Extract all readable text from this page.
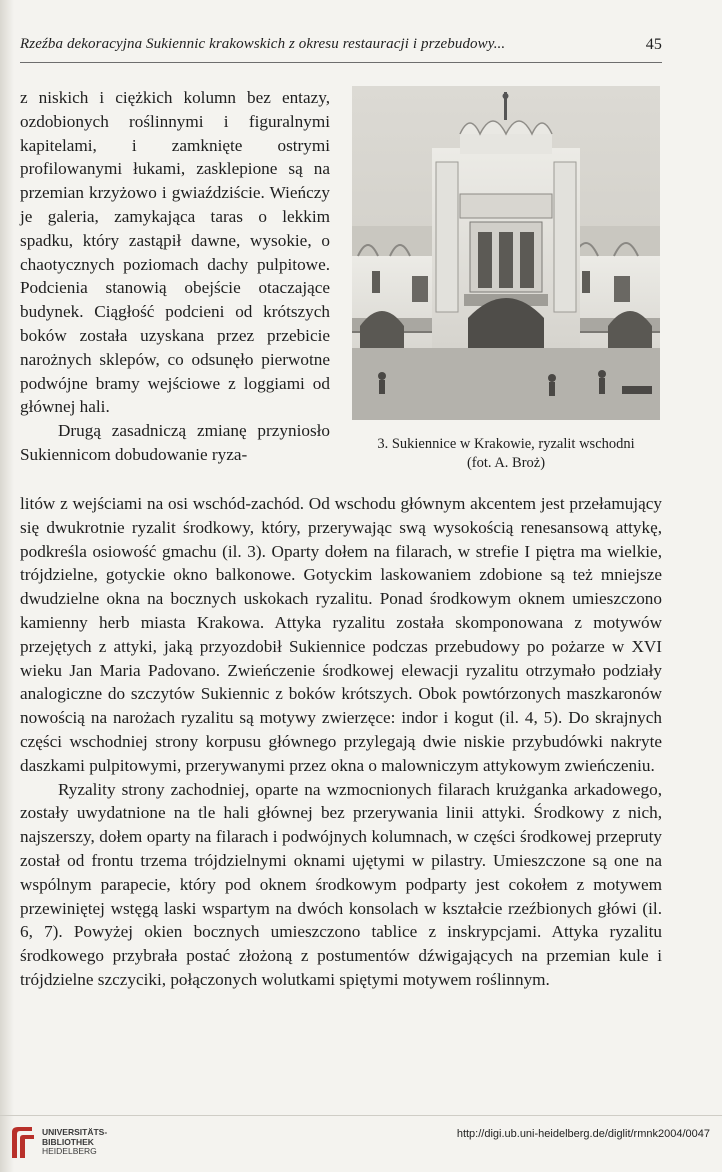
Rzeźba dekoracyjna Sukiennic krakowskich z okresu restauracji i przebudowy...	45

z niskich i ciężkich kolumn bez entazy, ozdobionych roślinnymi i figuralnymi kapitelami, i zamknięte ostrymi profilowanymi łukami, zasklepione są na przemian krzyżowo i gwiaździście. Wieńczy je galeria, zamykająca taras o lekkim spadku, który zastąpił dawne, wysokie, o chaotycznych poziomach dachy pulpitowe. Podcienia stanowią obejście otaczające budynek. Ciągłość podcieni od krótszych boków została uzyskana przez przebicie narożnych sklepów, co odsunęło pierwotne podwójne bramy wejściowe z loggiami od głównej hali.

Drugą zasadniczą zmianę przyniosło Sukiennicom dobudowanie ryza-

3. Sukiennice w Krakowie, ryzalit wschodni
(fot. A. Broż)

litów z wejściami na osi wschód-zachód. Od wschodu głównym akcentem jest przełamujący się dwukrotnie ryzalit środkowy, który, przerywając swą wysokością renesansową attykę, podkreśla osiowość gmachu (il. 3). Oparty dołem na filarach, w strefie I piętra ma wielkie, trójdzielne, gotyckie okno balkonowe. Gotyckim laskowaniem zdobione są też mniejsze dwudzielne okna na bocznych uskokach ryzalitu. Ponad środkowym oknem umieszczono kamienny herb miasta Krakowa. Attyka ryzalitu została skomponowana z motywów przejętych z attyki, jaką przyozdobił Sukiennice podczas przebudowy po pożarze w XVI wieku Jan Maria Padovano. Zwieńczenie środkowej elewacji ryzalitu otrzymało podziały analogiczne do szczytów Sukiennic z boków krótszych. Obok powtórzonych maszkaronów nowością na narożach ryzalitu są motywy zwierzęce: indor i kogut (il. 4, 5). Do skrajnych części wschodniej strony korpusu głównego przylegają dwie niskie przybudówki nakryte daszkami pulpitowymi, przerywanymi przez okna o malowniczym attykowym zwieńczeniu.

Ryzality strony zachodniej, oparte na wzmocnionych filarach krużganka arkadowego, zostały uwydatnione na tle hali głównej bez przerywania linii attyki. Środkowy z nich, najszerszy, dołem oparty na filarach i podwójnych kolumnach, w części środkowej przepruty został od frontu trzema trójdzielnymi oknami ujętymi w pilastry. Umieszczone są one na wspólnym parapecie, który pod oknem środkowym podparty jest cokołem z motywem przewiniętej wstęgą laski wspartym na dwóch konsolach w kształcie rzeźbionych główi (il. 6, 7). Powyżej okien bocznych umieszczono tablice z inskrypcjami. Attyka ryzalitu środkowego przybrała postać złożoną z postumentów dźwigających na przemian kule i trójdzielne szczyciki, połączonych wolutkami spiętymi motywem roślinnym.

UNIVERSITÄTS-
BIBLIOTHEK
HEIDELBERG
http://digi.ub.uni-heidelberg.de/diglit/rmnk2004/0047
